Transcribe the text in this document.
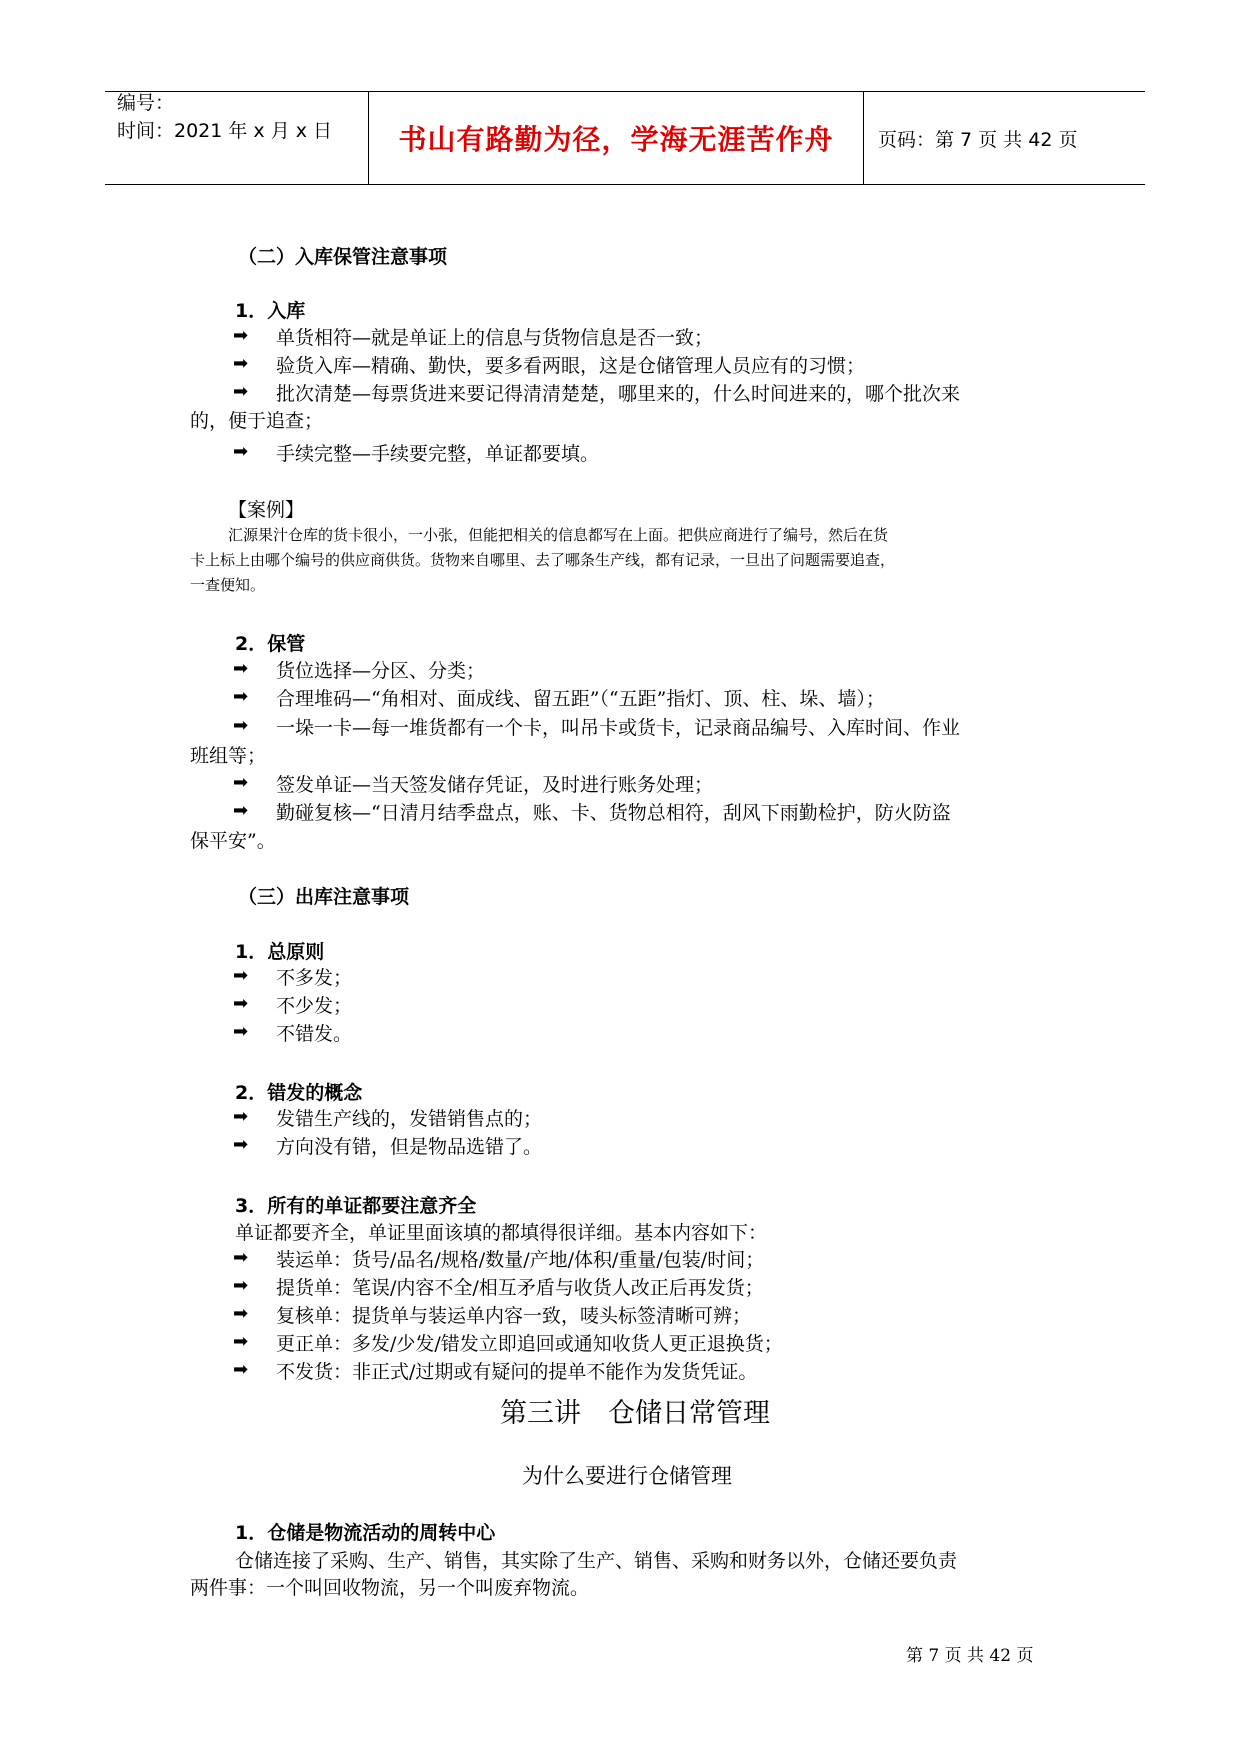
编号：
时间：2021 年 x 月 x 日 书山有路勤为径，学海无涯苦作舟	页码：第 7 页 共 42 页
（二）入库保管注意事项
1．入库
➡ 单货相符—就是单证上的信息与货物信息是否一致；
➡ 验货入库—精确、勤快，要多看两眼，这是仓储管理人员应有的习惯；
➡ 批次清楚—每票货进来要记得清清楚楚，哪里来的，什么时间进来的，哪个批次来
的，便于追查；
➡ 手续完整—手续要完整，单证都要填。
【案例】
汇源果汁仓库的货卡很小，一小张，但能把相关的信息都写在上面。把供应商进行了编号，然后在货
卡上标上由哪个编号的供应商供货。货物来自哪里、去了哪条生产线，都有记录，一旦出了问题需要追查，
一查便知。
2．保管
➡ 货位选择—分区、分类；
➡ 合理堆码—“角相对、面成线、留五距”（“五距”指灯、顶、柱、垛、墙）；
➡ 一垛一卡—每一堆货都有一个卡，叫吊卡或货卡，记录商品编号、入库时间、作业
班组等；
➡ 签发单证—当天签发储存凭证，及时进行账务处理；
➡ 勤碰复核—“日清月结季盘点，账、卡、货物总相符，刮风下雨勤检护，防火防盗
保平安”。
（三）出库注意事项
1．总原则
➡ 不多发；
➡ 不少发；
➡ 不错发。
2．错发的概念
➡ 发错生产线的，发错销售点的；
➡ 方向没有错，但是物品选错了。
3．所有的单证都要注意齐全
单证都要齐全，单证里面该填的都填得很详细。基本内容如下：
➡ 装运单：货号/品名/规格/数量/产地/体积/重量/包装/时间；
➡ 提货单：笔误/内容不全/相互矛盾与收货人改正后再发货；
➡ 复核单：提货单与装运单内容一致，唛头标签清晰可辨；
➡ 更正单：多发/少发/错发立即追回或通知收货人更正退换货；
➡ 不发货：非正式/过期或有疑问的提单不能作为发货凭证。
第三讲　仓储日常管理
为什么要进行仓储管理
1．仓储是物流活动的周转中心
仓储连接了采购、生产、销售，其实除了生产、销售、采购和财务以外，仓储还要负责
两件事：一个叫回收物流，另一个叫废弃物流。
第 7 页 共 42 页
